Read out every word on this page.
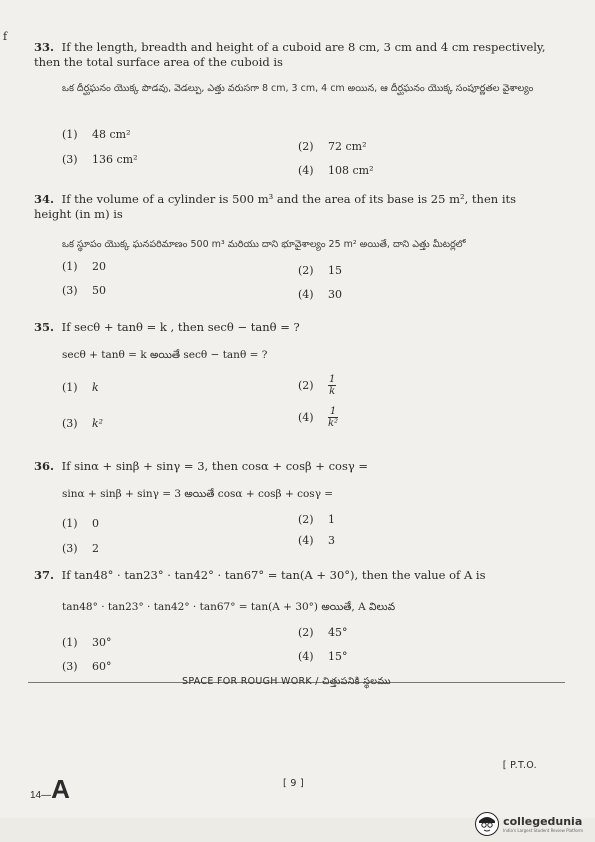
f
33. If the length, breadth and height of a cuboid are 8 cm, 3 cm and 4 cm respectively, then the total surface area of the cuboid is
ఒక దీర్ఘఘనం యొక్క పొడవు, వెడల్పు, ఎత్తు వరుసగా 8 cm, 3 cm, 4 cm అయిన, ఆ దీర్ఘఘనం యొక్క సంపూర్ణతల వైశాల్యం
(1) 48 cm²
(2) 72 cm²
(3) 136 cm²
(4) 108 cm²
34. If the volume of a cylinder is 500 m³ and the area of its base is 25 m², then its height (in m) is
ఒక స్థూపం యొక్క ఘనపరిమాణం 500 m³ మరియు దాని భూవైశాల్యం 25 m² అయితే, దాని ఎత్తు మీటర్లలో
(1) 20	(2) 15
(3) 50	(4) 30
35. If secθ + tanθ = k , then secθ − tanθ = ?
secθ + tanθ = k అయితే secθ − tanθ = ?
(1) k	$(2) \frac{1}{k}$
(3) k²	$(4) \frac{1}{\text{k²}}$
36. If sinα + sinβ + sinγ = 3, then cosα + cosβ + cosγ =
sinα + sinβ + sinγ = 3 అయితే cosα + cosβ + cosγ =
(1) 0	(2) 1
(3) 2
(4) 3
37. If tan48° · tan23° · tan42° · tan67° = tan(A + 30°), then the value of A is
tan48° · tan23° · tan42° · tan67° = tan(A + 30°) అయితే, A విలువ
(1) 30°
(2) 45°
(3) 60°
(4) 15°
SPACE FOR ROUGH WORK / చిత్తుపనికి స్థలము
[ P.T.O.
[ 9 ]
14—A
collegedunia
India's Largest Student Review Platform
